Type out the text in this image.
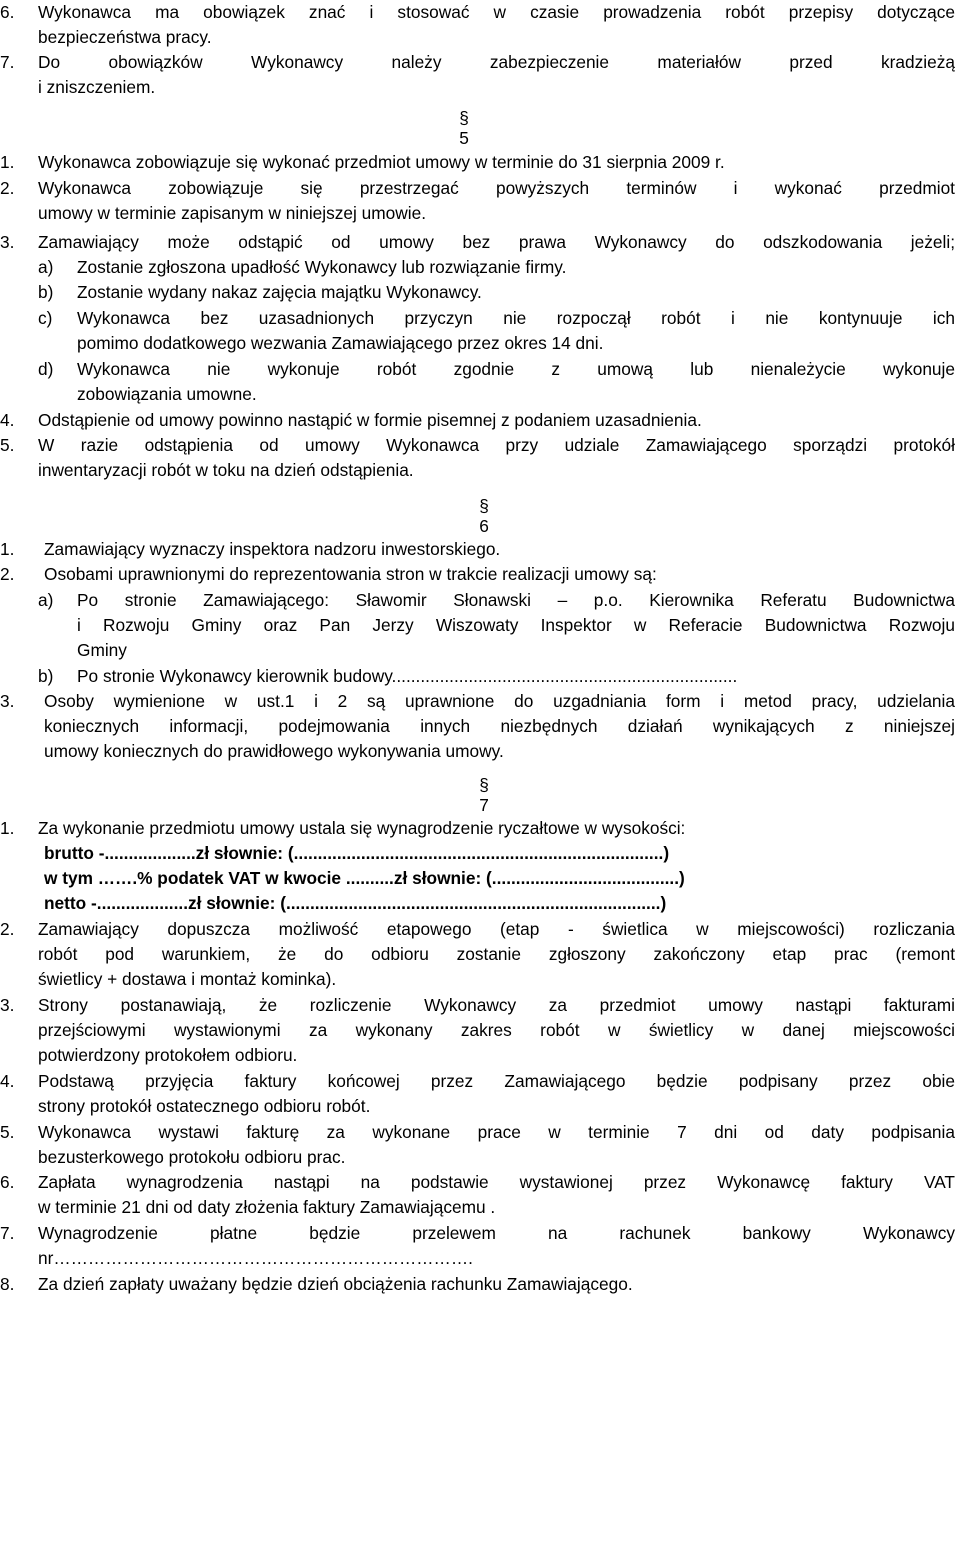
6. Wykonawca ma obowiązek znać i stosować w czasie prowadzenia robót przepisy dotyczące
bezpieczeństwa pracy.
7. Do obowiązków Wykonawcy należy zabezpieczenie materiałów przed kradzieżą
i zniszczeniem.
§
5
1. Wykonawca zobowiązuje się wykonać przedmiot umowy w terminie do 31 sierpnia 2009 r.
2. Wykonawca zobowiązuje się przestrzegać powyższych terminów i wykonać przedmiot
umowy w terminie zapisanym w niniejszej umowie.
3. Zamawiający może odstąpić od umowy bez prawa Wykonawcy do odszkodowania jeżeli;
a) Zostanie zgłoszona upadłość Wykonawcy lub rozwiązanie firmy.
b) Zostanie wydany nakaz zajęcia majątku Wykonawcy.
c) Wykonawca bez uzasadnionych przyczyn nie rozpoczął robót i nie kontynuuje ich
pomimo dodatkowego wezwania Zamawiającego przez okres 14 dni.
d) Wykonawca nie wykonuje robót zgodnie z umową lub nienależycie wykonuje
zobowiązania umowne.
4. Odstąpienie od umowy powinno nastąpić w formie pisemnej z podaniem uzasadnienia.
5. W razie odstąpienia od umowy Wykonawca przy udziale Zamawiającego sporządzi protokół
inwentaryzacji robót w toku na dzień odstąpienia.
§
6
1. Zamawiający wyznaczy inspektora nadzoru inwestorskiego.
2. Osobami uprawnionymi do reprezentowania stron w trakcie realizacji umowy są:
a) Po stronie Zamawiającego: Sławomir Słonawski – p.o. Kierownika Referatu Budownictwa
i Rozwoju Gminy oraz Pan Jerzy Wiszowaty Inspektor w Referacie Budownictwa Rozwoju
Gminy
b) Po stronie Wykonawcy kierownik budowy........................................................................
3. Osoby wymienione w ust.1 i 2 są uprawnione do uzgadniania form i metod pracy, udzielania
koniecznych informacji, podejmowania innych niezbędnych działań wynikających z niniejszej
umowy koniecznych do prawidłowego wykonywania umowy.
§
7
1. Za wykonanie przedmiotu umowy ustala się wynagrodzenie ryczałtowe w wysokości:
brutto -...................zł słownie: (.............................................................................)
w tym …….% podatek VAT w kwocie ..........zł słownie: (.......................................)
netto -...................zł słownie: (..............................................................................)
2. Zamawiający dopuszcza możliwość etapowego (etap - świetlica w miejscowości) rozliczania
robót pod warunkiem, że do odbioru zostanie zgłoszony zakończony etap prac (remont
świetlicy + dostawa i montaż kominka).
3. Strony postanawiają, że rozliczenie Wykonawcy za przedmiot umowy nastąpi fakturami
przejściowymi wystawionymi za wykonany zakres robót w świetlicy w danej miejscowości
potwierdzony protokołem odbioru.
4. Podstawą przyjęcia faktury końcowej przez Zamawiającego będzie podpisany przez obie
strony protokół ostatecznego odbioru robót.
5. Wykonawca wystawi fakturę za wykonane prace w terminie 7 dni od daty podpisania
bezusterkowego protokołu odbioru prac.
6. Zapłata wynagrodzenia nastąpi na podstawie wystawionej przez Wykonawcę faktury VAT
w terminie 21 dni od daty złożenia faktury Zamawiającemu .
7. Wynagrodzenie płatne będzie przelewem na rachunek bankowy Wykonawcy
nr……………………………………………………………….
8. Za dzień zapłaty uważany będzie dzień obciążenia rachunku Zamawiającego.
